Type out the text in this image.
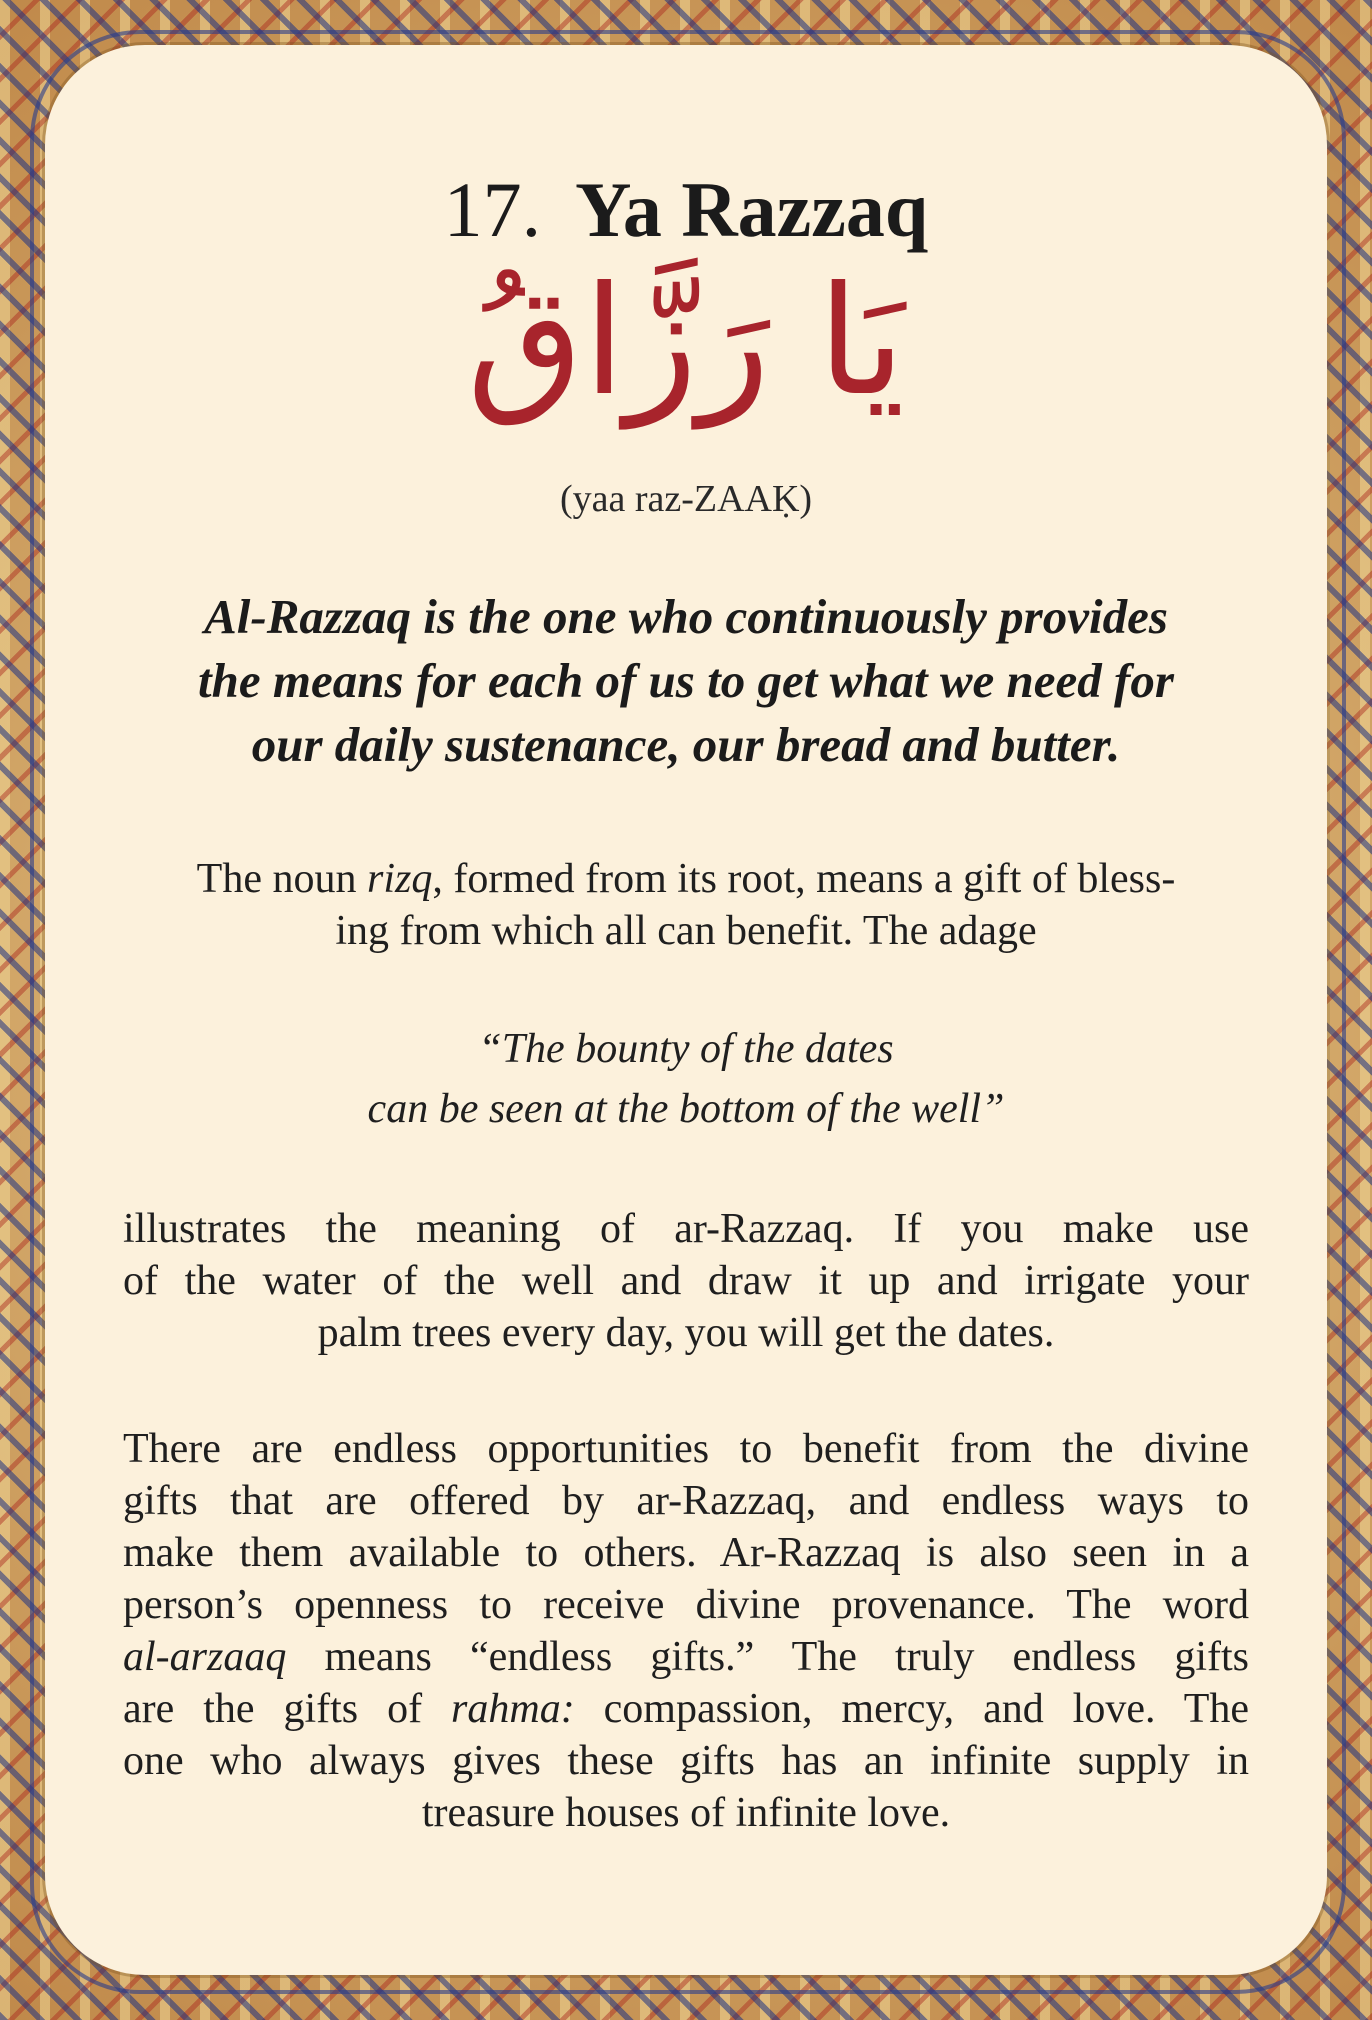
17. Ya Razzaq
يَا رَزَّاقُ
(yaa raz-ZAAḲ)
Al-Razzaq is the one who continuously provides
the means for each of us to get what we need for
our daily sustenance, our bread and butter.
The noun rizq, formed from its root, means a gift of bless-
ing from which all can benefit. The adage
“The bounty of the dates
can be seen at the bottom of the well”
illustrates the meaning of ar-Razzaq. If you make use
of the water of the well and draw it up and irrigate your
palm trees every day, you will get the dates.
There are endless opportunities to benefit from the divine
gifts that are offered by ar-Razzaq, and endless ways to
make them available to others. Ar-Razzaq is also seen in a
person’s openness to receive divine provenance. The word
al-arzaaq means “endless gifts.” The truly endless gifts
are the gifts of rahma: compassion, mercy, and love. The
one who always gives these gifts has an infinite supply in
treasure houses of infinite love.
